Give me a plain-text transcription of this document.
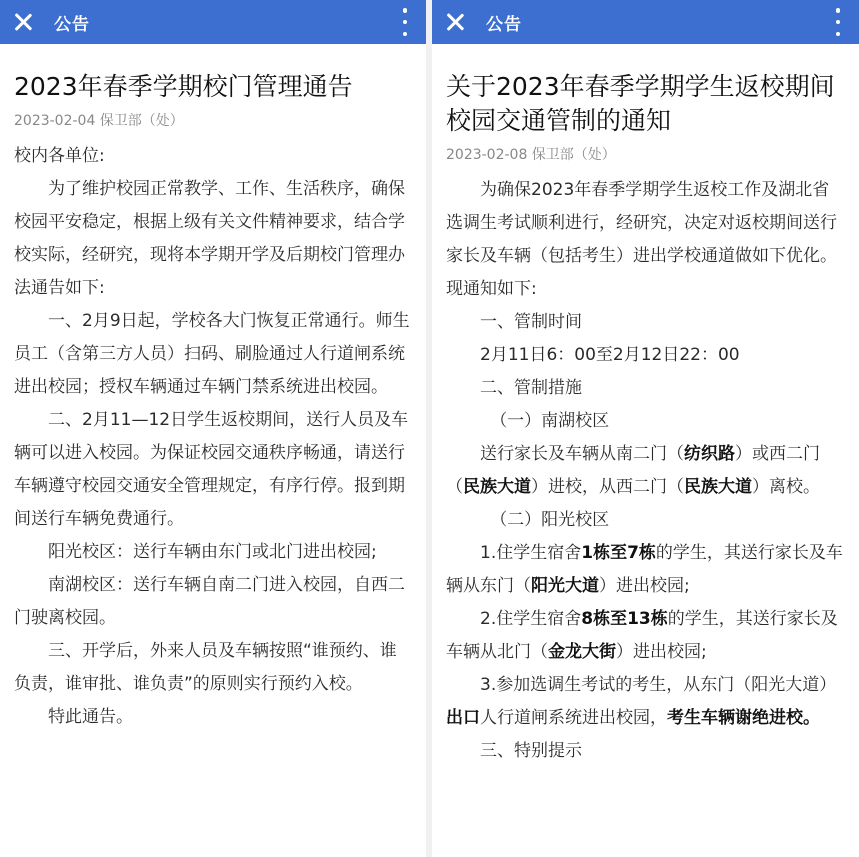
公告
2023年春季学期校门管理通告
2023-02-04 保卫部（处）
校内各单位:
为了维护校园正常教学、工作、生活秩序，确保校园平安稳定，根据上级有关文件精神要求，结合学校实际，经研究，现将本学期开学及后期校门管理办法通告如下:
一、2月9日起，学校各大门恢复正常通行。师生员工（含第三方人员）扫码、刷脸通过人行道闸系统进出校园；授权车辆通过车辆门禁系统进出校园。
二、2月11—12日学生返校期间，送行人员及车辆可以进入校园。为保证校园交通秩序畅通，请送行车辆遵守校园交通安全管理规定，有序行停。报到期间送行车辆免费通行。
阳光校区：送行车辆由东门或北门进出校园;
南湖校区：送行车辆自南二门进入校园，自西二门驶离校园。
三、开学后，外来人员及车辆按照“谁预约、谁负责，谁审批、谁负责”的原则实行预约入校。
特此通告。
公告
关于2023年春季学期学生返校期间校园交通管制的通知
2023-02-08 保卫部（处）
为确保2023年春季学期学生返校工作及湖北省选调生考试顺利进行，经研究，决定对返校期间送行家长及车辆（包括考生）进出学校通道做如下优化。现通知如下:
一、管制时间
2月11日6：00至2月12日22：00
二、管制措施
（一）南湖校区
送行家长及车辆从南二门（纺织路）或西二门（民族大道）进校，从西二门（民族大道）离校。
（二）阳光校区
1.住学生宿舍1栋至7栋的学生，其送行家长及车辆从东门（阳光大道）进出校园;
2.住学生宿舍8栋至13栋的学生，其送行家长及车辆从北门（金龙大街）进出校园;
3.参加选调生考试的考生，从东门（阳光大道）出口人行道闸系统进出校园，考生车辆谢绝进校。
三、特别提示
